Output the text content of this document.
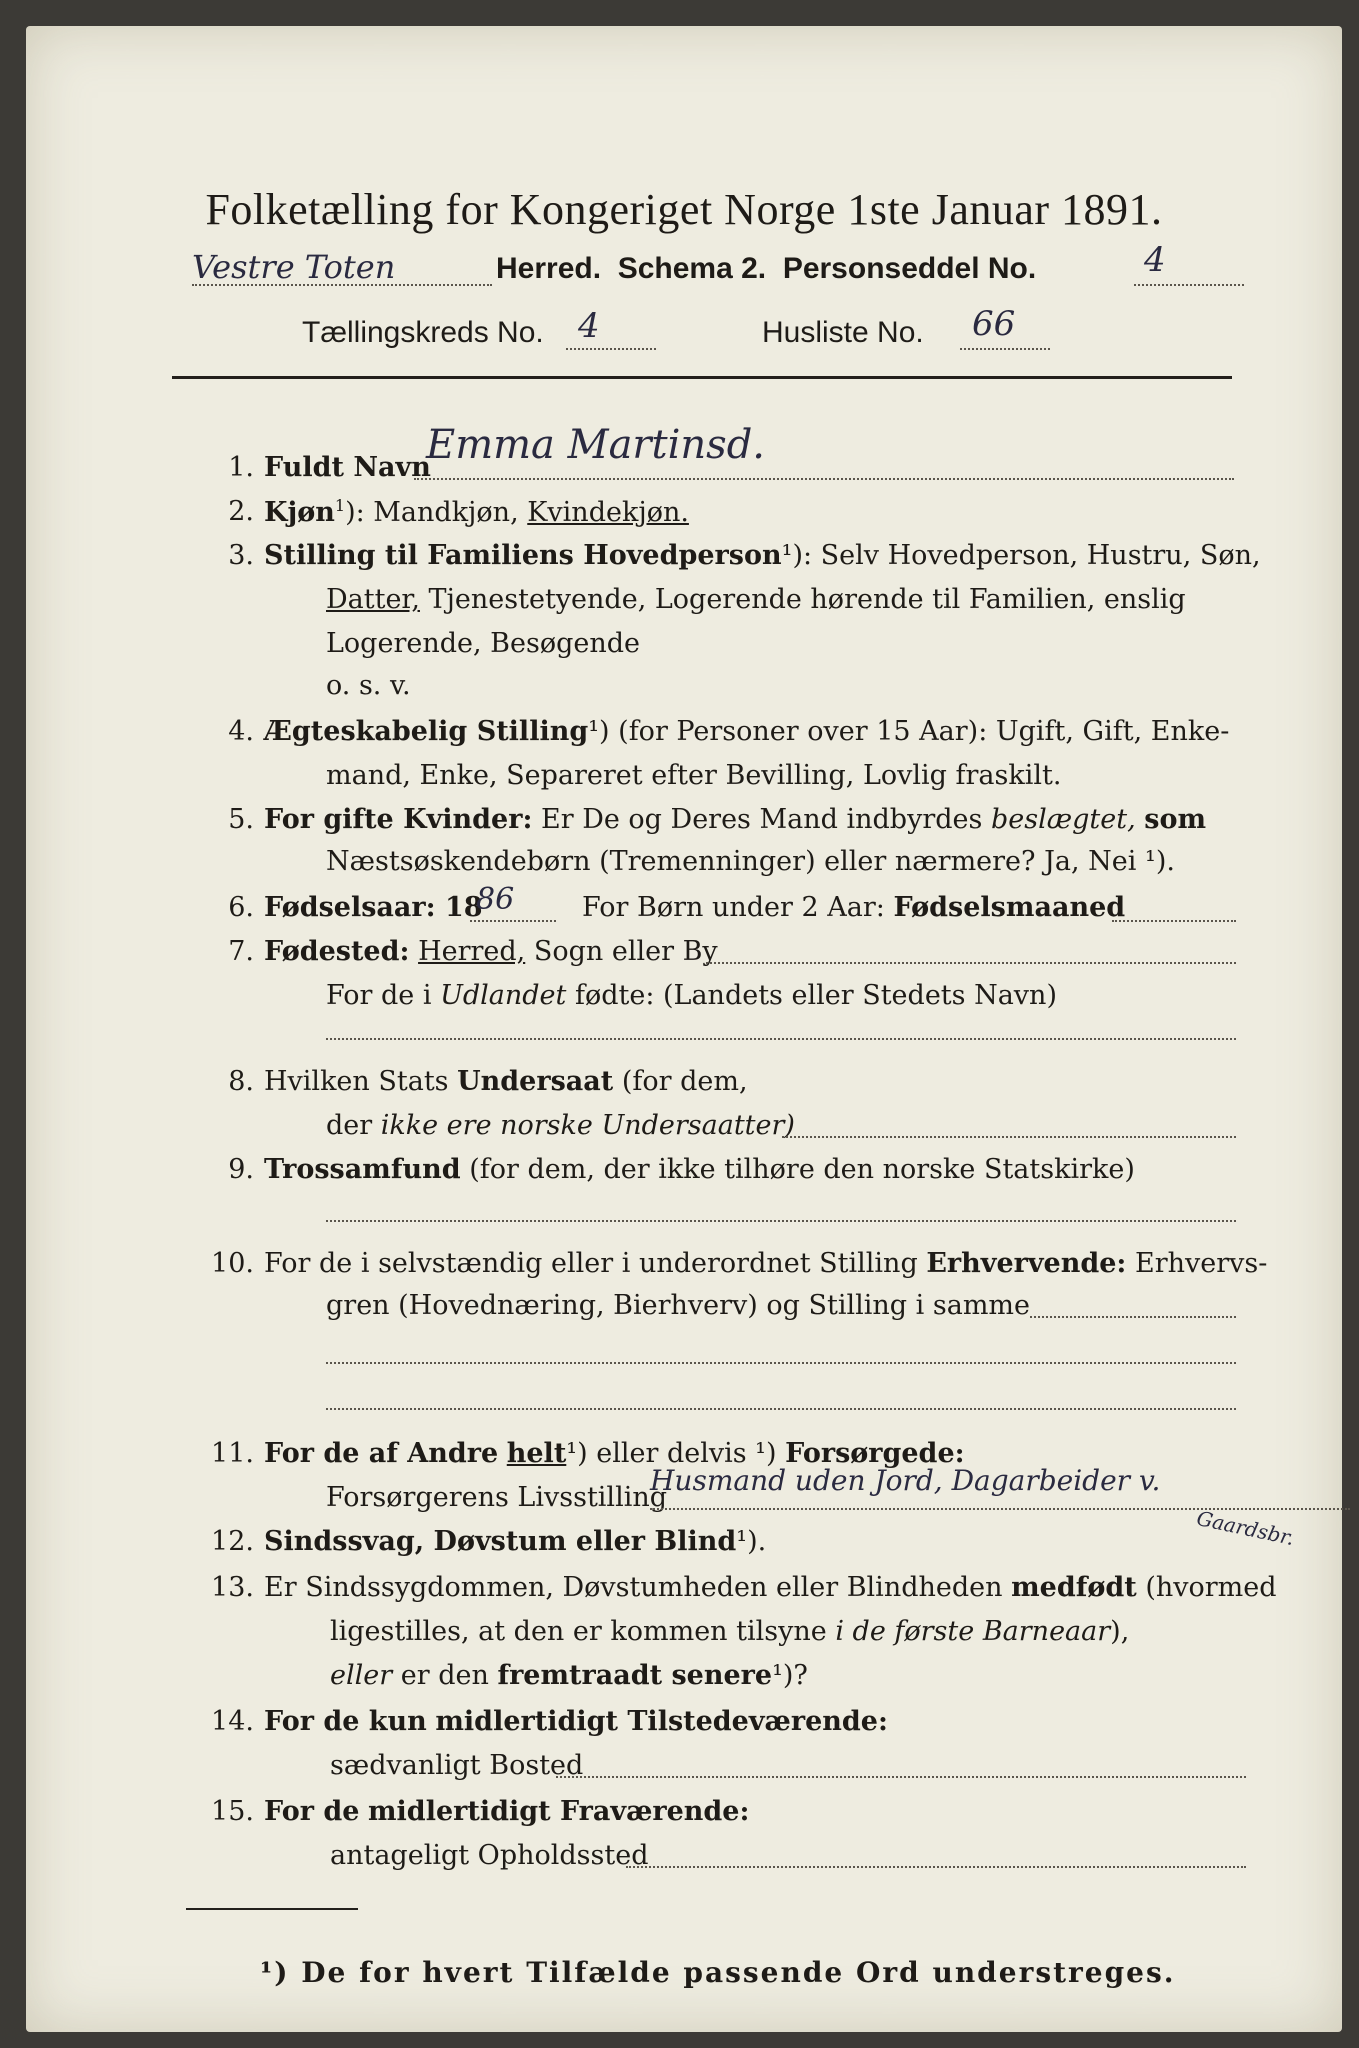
Folketælling for Kongeriget Norge 1ste Januar 1891.
Vestre Toten	Herred. Schema 2. Personseddel No.	4
Tællingskreds No. 4	Husliste No. 66
1. Fuldt Navn
Emma Martinsd.
2. Kjøn$^1$): Mandkjøn, Kvindekjøn.
3. Stilling til Familiens Hovedperson¹): Selv Hovedperson, Hustru, Søn,
Datter, Tjenestetyende, Logerende hørende til Familien, enslig
Logerende, Besøgende
o. s. v.
4. Ægteskabelig Stilling¹) (for Personer over 15 Aar): Ugift, Gift, Enke-
mand, Enke, Separeret efter Bevilling, Lovlig fraskilt.
5. For gifte Kvinder: Er De og Deres Mand indbyrdes beslægtet, som
Næstsøskendebørn (Tremenninger) eller nærmere? Ja, Nei ¹).
6. Fødselsaar: 18
86	For Børn under 2 Aar: Fødselsmaaned
7. Fødested: Herred, Sogn eller By
For de i Udlandet fødte: (Landets eller Stedets Navn)
8. Hvilken Stats Undersaat (for dem,
der ikke ere norske Undersaatter)
9. Trossamfund (for dem, der ikke tilhøre den norske Statskirke)
10. For de i selvstændig eller i underordnet Stilling Erhvervende: Erhvervs-
gren (Hovednæring, Bierhverv) og Stilling i samme
11. For de af Andre helt¹) eller delvis ¹) Forsørgede:
Forsørgerens Livsstilling
Husmand uden Jord, Dagarbeider v.
Gaardsbr.
12. Sindssvag, Døvstum eller Blind¹).
13. Er Sindssygdommen, Døvstumheden eller Blindheden medfødt (hvormed
ligestilles, at den er kommen tilsyne i de første Barneaar),
eller er den fremtraadt senere¹)?
14. For de kun midlertidigt Tilstedeværende:
sædvanligt Bosted
15. For de midlertidigt Fraværende:
antageligt Opholdssted
¹) De for hvert Tilfælde passende Ord understreges.
